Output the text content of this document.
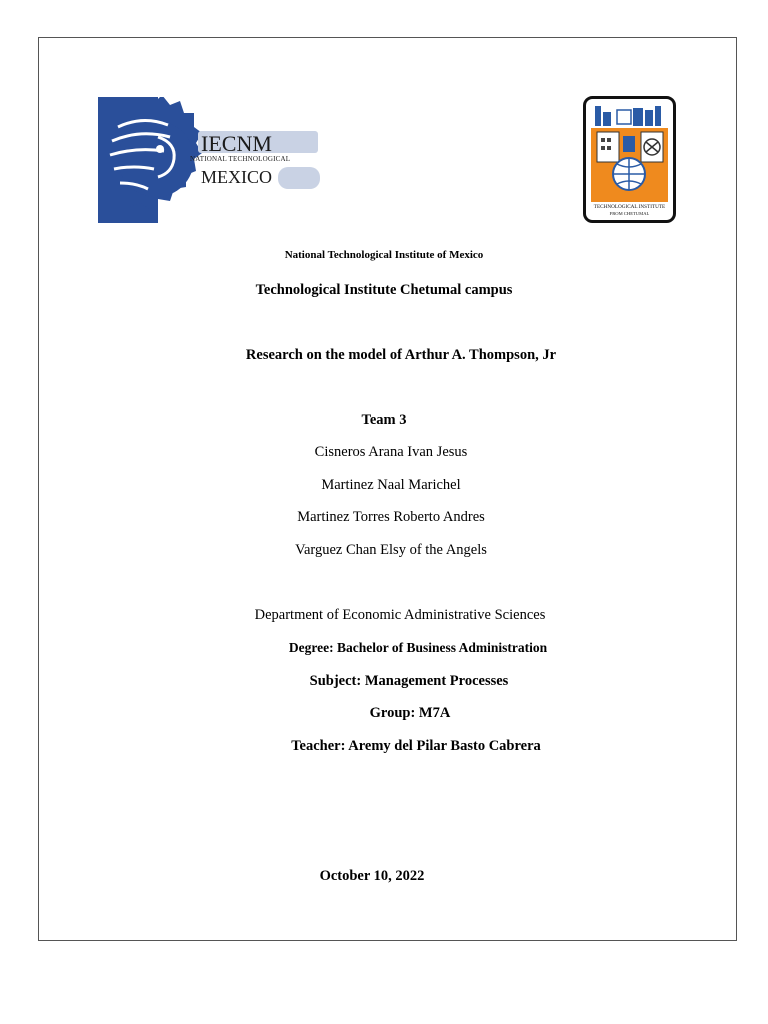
IECNM
NATIONAL TECHNOLOGICAL
MEXICO
TECHNOLOGICAL INSTITUTE
FROM CHETUMAL
National Technological Institute of Mexico
Technological Institute Chetumal campus
Research on the model of Arthur A. Thompson, Jr
Team 3
Cisneros Arana Ivan Jesus
Martinez Naal Marichel
Martinez Torres Roberto Andres
Varguez Chan Elsy of the Angels
Department of Economic Administrative Sciences
Degree: Bachelor of Business Administration
Subject: Management Processes
Group: M7A
Teacher: Aremy del Pilar Basto Cabrera
October 10, 2022
